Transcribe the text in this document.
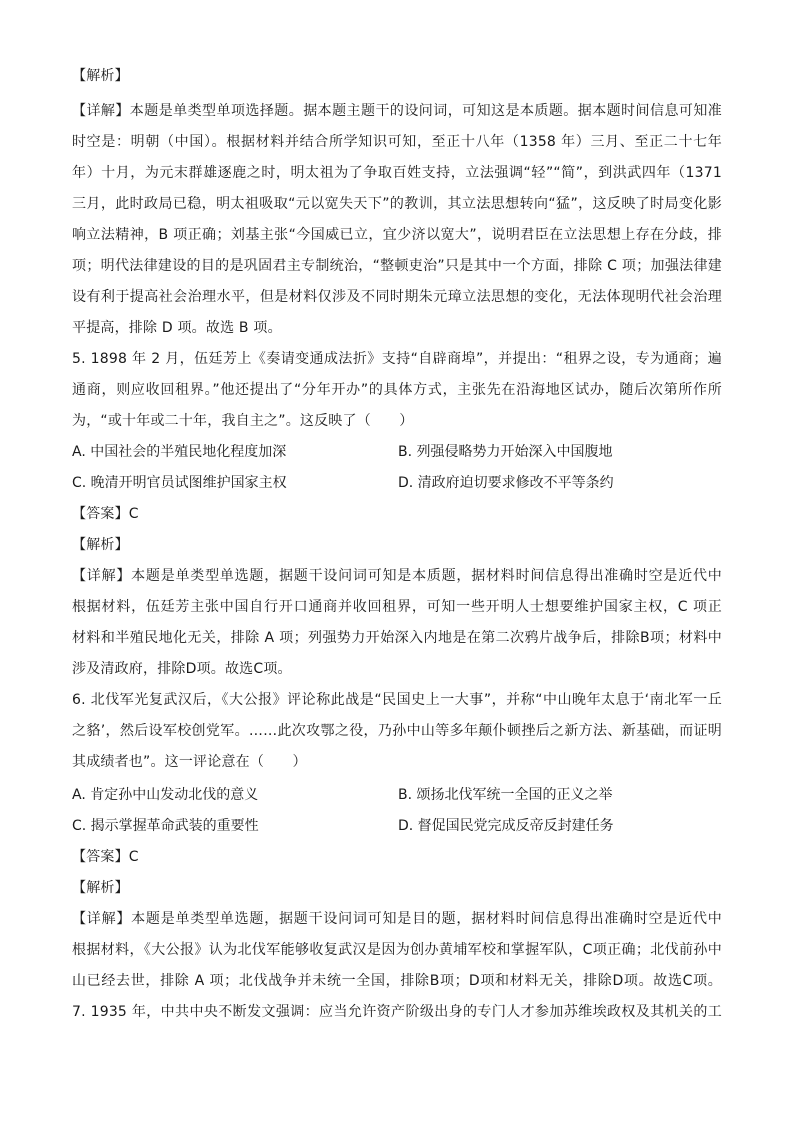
【解析】
【详解】本题是单类型单项选择题。据本题主题干的设问词，可知这是本质题。据本题时间信息可知准
时空是：明朝（中国）。根据材料并结合所学知识可知，至正十八年（1358 年）三月、至正二十七年
年）十月，为元末群雄逐鹿之时，明太祖为了争取百姓支持，立法强调“轻”“简”，到洪武四年（1371
三月，此时政局已稳，明太祖吸取“元以宽失天下”的教训，其立法思想转向“猛”，这反映了时局变化影
响立法精神，B 项正确；刘基主张“今国威已立，宜少济以宽大”，说明君臣在立法思想上存在分歧，排
项；明代法律建设的目的是巩固君主专制统治，“整顿吏治”只是其中一个方面，排除 C 项；加强法律建
设有利于提高社会治理水平，但是材料仅涉及不同时期朱元璋立法思想的变化，无法体现明代社会治理
平提高，排除 D 项。故选 B 项。
5. 1898 年 2 月，伍廷芳上《奏请变通成法折》支持“自辟商埠”，并提出：“租界之设，专为通商；遍
通商，则应收回租界。”他还提出了“分年开办”的具体方式，主张先在沿海地区试办，随后次第所作所
为，“或十年或二十年，我自主之”。这反映了（　　）
A. 中国社会的半殖民地化程度加深	B. 列强侵略势力开始深入中国腹地
C. 晚清开明官员试图维护国家主权	D. 清政府迫切要求修改不平等条约
【答案】C
【解析】
【详解】本题是单类型单选题，据题干设问词可知是本质题，据材料时间信息得出准确时空是近代中
根据材料，伍廷芳主张中国自行开口通商并收回租界，可知一些开明人士想要维护国家主权，C 项正
材料和半殖民地化无关，排除 A 项；列强势力开始深入内地是在第二次鸦片战争后，排除B项；材料中
涉及清政府，排除D项。故选C项。
6. 北伐军光复武汉后，《大公报》评论称此战是“民国史上一大事”，并称“中山晚年太息于‘南北军一丘
之貉’，然后设军校创党军。……此次攻鄂之役，乃孙中山等多年颠仆顿挫后之新方法、新基础，而证明
其成绩者也”。这一评论意在（　　）
A. 肯定孙中山发动北伐的意义	B. 颂扬北伐军统一全国的正义之举
C. 揭示掌握革命武装的重要性	D. 督促国民党完成反帝反封建任务
【答案】C
【解析】
【详解】本题是单类型单选题，据题干设问词可知是目的题，据材料时间信息得出准确时空是近代中
根据材料，《大公报》认为北伐军能够收复武汉是因为创办黄埔军校和掌握军队，C项正确；北伐前孙中
山已经去世，排除 A 项；北伐战争并未统一全国，排除B项；D项和材料无关，排除D项。故选C项。
7. 1935 年，中共中央不断发文强调：应当允许资产阶级出身的专门人才参加苏维埃政权及其机关的工
